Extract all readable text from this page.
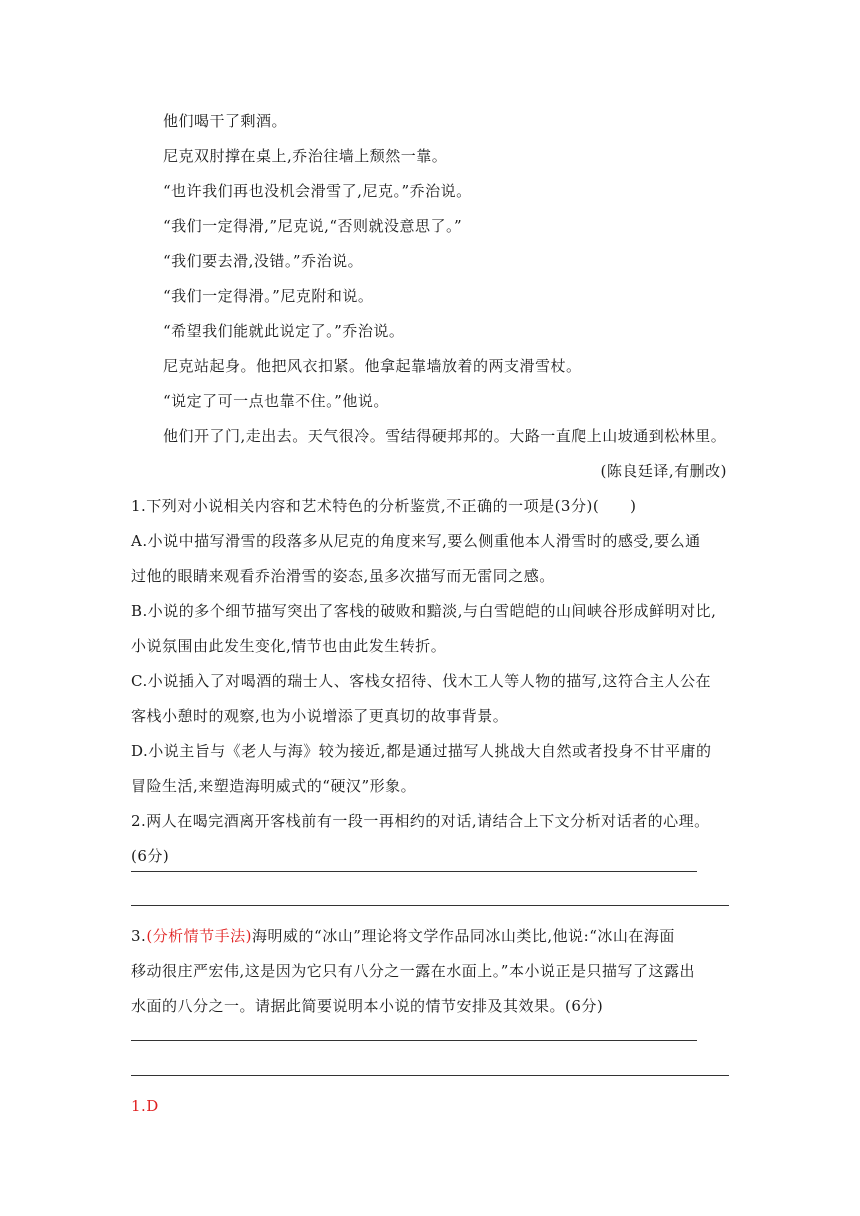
他们喝干了剩酒。
尼克双肘撑在桌上,乔治往墙上颓然一靠。
“也许我们再也没机会滑雪了,尼克。”乔治说。
“我们一定得滑,”尼克说,“否则就没意思了。”
“我们要去滑,没错。”乔治说。
“我们一定得滑。”尼克附和说。
“希望我们能就此说定了。”乔治说。
尼克站起身。他把风衣扣紧。他拿起靠墙放着的两支滑雪杖。
“说定了可一点也靠不住。”他说。
他们开了门,走出去。天气很冷。雪结得硬邦邦的。大路一直爬上山坡通到松林里。
(陈良廷译,有删改)
1.下列对小说相关内容和艺术特色的分析鉴赏,不正确的一项是(3分)(　　)
A.小说中描写滑雪的段落多从尼克的角度来写,要么侧重他本人滑雪时的感受,要么通
过他的眼睛来观看乔治滑雪的姿态,虽多次描写而无雷同之感。
B.小说的多个细节描写突出了客栈的破败和黯淡,与白雪皑皑的山间峡谷形成鲜明对比,
小说氛围由此发生变化,情节也由此发生转折。
C.小说插入了对喝酒的瑞士人、客栈女招待、伐木工人等人物的描写,这符合主人公在
客栈小憩时的观察,也为小说增添了更真切的故事背景。
D.小说主旨与《老人与海》较为接近,都是通过描写人挑战大自然或者投身不甘平庸的
冒险生活,来塑造海明威式的“硬汉”形象。
2.两人在喝完酒离开客栈前有一段一再相约的对话,请结合上下文分析对话者的心理。
(6分)
3.(分析情节手法)海明威的“冰山”理论将文学作品同冰山类比,他说:“冰山在海面
移动很庄严宏伟,这是因为它只有八分之一露在水面上。”本小说正是只描写了这露出
水面的八分之一。请据此简要说明本小说的情节安排及其效果。(6分)
1.D
